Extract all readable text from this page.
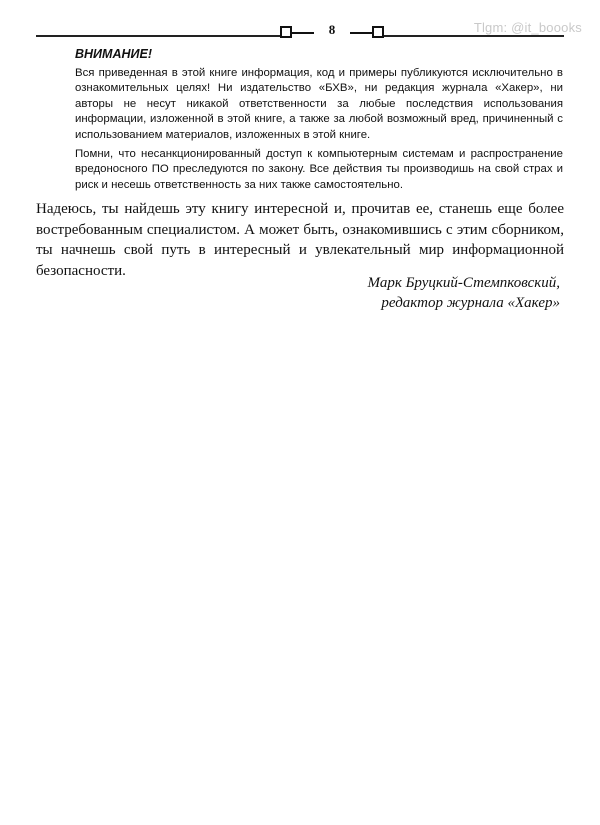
8	Tlgm: @it_boooks
ВНИМАНИЕ!

Вся приведенная в этой книге информация, код и примеры публикуются исключительно в ознакомительных целях! Ни издательство «БХВ», ни редакция журнала «Хакер», ни авторы не несут никакой ответственности за любые последствия использования информации, изложенной в этой книге, а также за любой возможный вред, причиненный с использованием материалов, изложенных в этой книге.

Помни, что несанкционированный доступ к компьютерным системам и распространение вредоносного ПО преследуются по закону. Все действия ты производишь на свой страх и риск и несешь ответственность за них также самостоятельно.

Надеюсь, ты найдешь эту книгу интересной и, прочитав ее, станешь еще более востребованным специалистом. А может быть, ознакомившись с этим сборником, ты начнешь свой путь в интересный и увлекательный мир информационной безопасности.

Марк Бруцкий-Стемпковский,
редактор журнала «Хакер»
